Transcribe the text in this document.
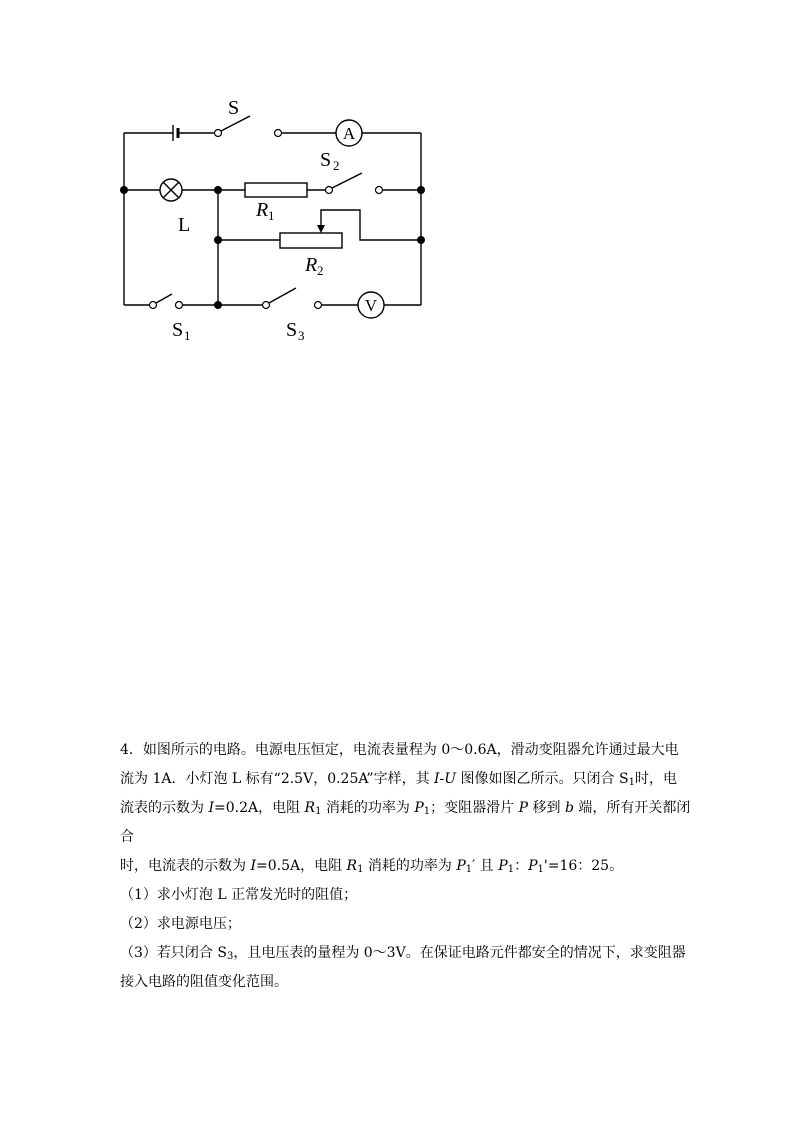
A
S
L
R 1
R 2
S 2
V
S 1	S 3

4．如图所示的电路。电源电压恒定，电流表量程为 0～0.6A，滑动变阻器允许通过最大电

流为 1A．小灯泡 L 标有“2.5V，0.25A”字样，其 I-U 图像如图乙所示。只闭合 $S_1$时，电

流表的示数为 I=0.2A，电阻 $R_1$ 消耗的功率为 $P_1$；变阻器滑片 P 移到 b 端，所有开关都闭合

时，电流表的示数为 I=0.5A，电阻 $R_1$ 消耗的功率为 $P_1'$ 且 $P_1$：$P_1'=16$：25。

（1）求小灯泡 L 正常发光时的阻值；

（2）求电源电压；

（3）若只闭合 $S_3$，且电压表的量程为 0～3V。在保证电路元件都安全的情况下，求变阻器

接入电路的阻值变化范围。
